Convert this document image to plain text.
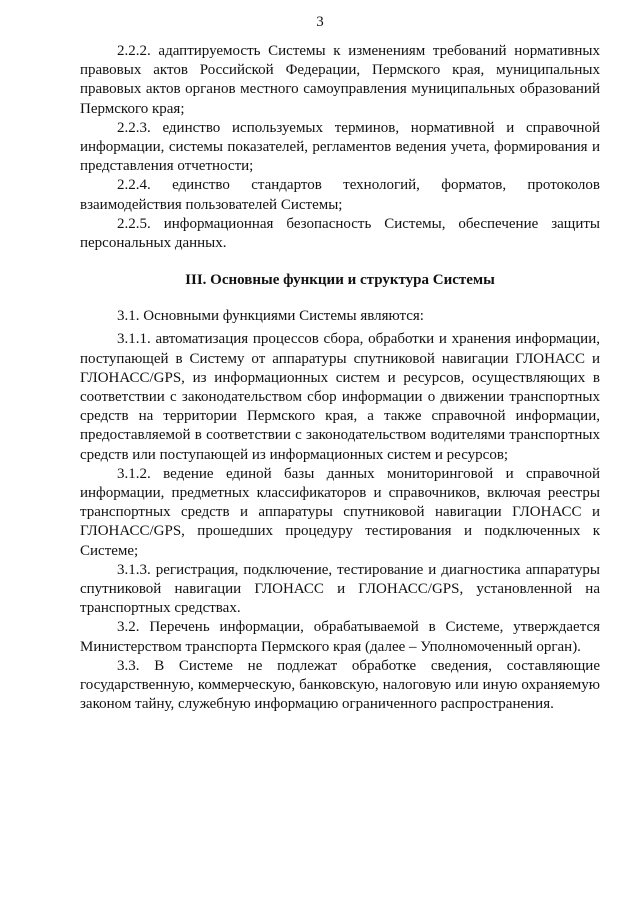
3

2.2.2. адаптируемость Системы к изменениям требований нормативных правовых актов Российской Федерации, Пермского края, муниципальных правовых актов органов местного самоуправления муниципальных образований Пермского края;

2.2.3. единство используемых терминов, нормативной и справочной информации, системы показателей, регламентов ведения учета, формирования и представления отчетности;

2.2.4. единство стандартов технологий, форматов, протоколов взаимодействия пользователей Системы;

2.2.5. информационная безопасность Системы, обеспечение защиты персональных данных.

III. Основные функции и структура Системы

3.1. Основными функциями Системы являются:

3.1.1. автоматизация процессов сбора, обработки и хранения информации, поступающей в Систему от аппаратуры спутниковой навигации ГЛОНАСС и ГЛОНАСС/GPS, из информационных систем и ресурсов, осуществляющих в соответствии с законодательством сбор информации о движении транспортных средств на территории Пермского края, а также справочной информации, предоставляемой в соответствии с законодательством водителями транспортных средств или поступающей из информационных систем и ресурсов;

3.1.2. ведение единой базы данных мониторинговой и справочной информации, предметных классификаторов и справочников, включая реестры транспортных средств и аппаратуры спутниковой навигации ГЛОНАСС и ГЛОНАСС/GPS, прошедших процедуру тестирования и подключенных к Системе;

3.1.3. регистрация, подключение, тестирование и диагностика аппаратуры спутниковой навигации ГЛОНАСС и ГЛОНАСС/GPS, установленной на транспортных средствах.

3.2. Перечень информации, обрабатываемой в Системе, утверждается Министерством транспорта Пермского края (далее – Уполномоченный орган).

3.3. В Системе не подлежат обработке сведения, составляющие государственную, коммерческую, банковскую, налоговую или иную охраняемую законом тайну, служебную информацию ограниченного распространения.
